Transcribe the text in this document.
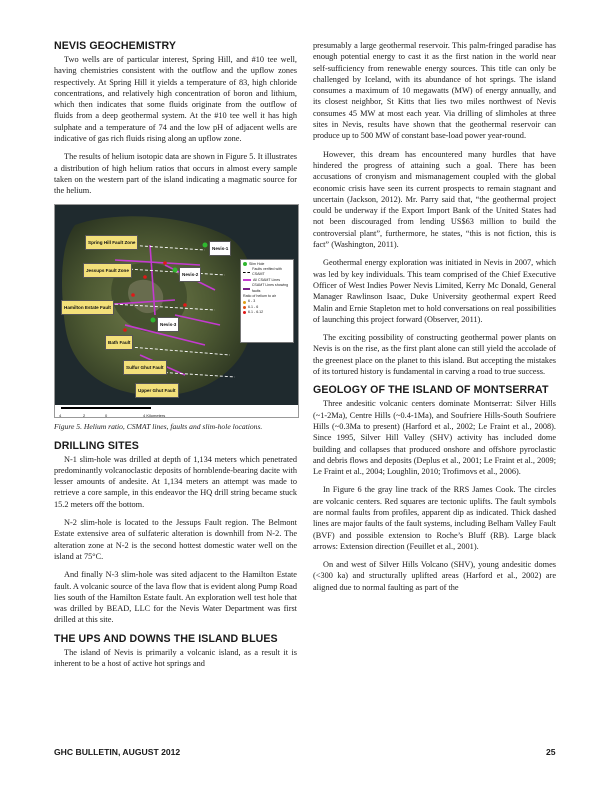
NEVIS GEOCHEMISTRY

Two wells are of particular interest, Spring Hill, and #10 tee well, having chemistries consistent with the outflow and the upflow zones respectively. At Spring Hill it yields a temperature of 83, high chloride concentrations, and relatively high concentration of boron and lithium, which then indicates that some fluids originate from the outflow of fluids from a deep geothermal system. At the #10 tee well it has high sulphate and a temperature of 74 and the low pH of adjacent wells are indicative of gas rich fluids rising along an upflow zone.

The results of helium isotopic data are shown in Figure 5. It illustrates a distribution of high helium ratios that occurs in almost every sample taken on the western part of the island indicating a magmatic source for the helium.

Spring Hill Fault Zone
Jessups Fault Zone
Hamilton Estate Fault
Bath Fault
Sulfur Ghut Fault
Upper Ghut Fault
Nevis-1
Nevis-2
Nevis-3
Slim Hole
Faults verified with CSAMT
All CSAMT Lines
CSAMT Lines showing faults
Ratio of helium to air
6 - 3
6.1 - 6
6.1 - 6.12
4	2	0	4 Kilometers
Figure 5. Helium ratio, CSMAT lines, faults and slim-hole locations.
DRILLING SITES

N-1 slim-hole was drilled at depth of 1,134 meters which penetrated predominantly volcanoclastic deposits of hornblende-bearing dacite with lesser amounts of andesite. At 1,134 meters an attempt was made to retrieve a core sample, in this endeavor the HQ drill string became stuck 15.2 meters off the bottom.

N-2 slim-hole is located to the Jessups Fault region. The Belmont Estate extensive area of sulfateric alteration is downhill from N-2. The alteration zone at N-2 is the second hottest domestic water well on the island at 75°C.

And finally N-3 slim-hole was sited adjacent to the Hamilton Estate fault. A volcanic source of the lava flow that is evident along Pump Road lies south of the Hamilton Estate fault. An exploration well test hole that was drilled by BEAD, LLC for the Nevis Water Department was first drilled at this site.

THE UPS AND DOWNS THE ISLAND BLUES

The island of Nevis is primarily a volcanic island, as a result it is inherent to be a host of active hot springs and

presumably a large geothermal reservoir. This palm-fringed paradise has enough potential energy to cast it as the first nation in the world near self-sufficiency from renewable energy sources. This title can only be challenged by Iceland, with its abundance of hot springs. The island consumes a maximum of 10 megawatts (MW) of energy annually, and its closest neighbor, St Kitts that lies two miles northwest of Nevis consumes 45 MW at most each year. Via drilling of slimholes at three sites in Nevis, results have shown that the geothermal reservoir can produce up to 500 MW of constant base-load power year-round.

However, this dream has encountered many hurdles that have hindered the progress of attaining such a goal. There has been accusations of cronyism and mismanagement coupled with the global economic crisis have seen its current prospects to remain stagnant and uncertain (Jackson, 2012). Mr. Parry said that, “the geothermal project could be underway if the Export Import Bank of the United States had not been discouraged from lending US$63 million to build the controversial plant”, furthermore, he states, “this is not fiction, this is fact” (Washington, 2011).

Geothermal energy exploration was initiated in Nevis in 2007, which was led by key individuals. This team comprised of the Chief Executive Officer of West Indies Power Nevis Limited, Kerry Mc Donald, General Manager Rawlinson Isaac, Duke University geothermal expert Reed Malin and Ernie Stapleton met to hold conversations on real possibilities of launching this project forward (Observer, 2011).

The exciting possibility of constructing geothermal power plants on Nevis is on the rise, as the first plant alone can still yield the accolade of the greenest place on the planet to this island. But accepting the mistakes of its tortured history is fundamental in carving a road to true success.

GEOLOGY OF THE ISLAND OF MONTSERRAT

Three andesitic volcanic centers dominate Montserrat: Silver Hills (~1-2Ma), Centre Hills (~0.4-1Ma), and Soufriere Hills-South Soufriere Hills (~0.3Ma to present) (Harford et al., 2002; Le Fraint et al., 2008). Since 1995, Silver Hill Valley (SHV) activity has included dome building and collapses that produced onshore and offshore pyroclastic and debris flows and deposits (Deplus et al., 2001; Le Fraint et al., 2009; Le Fraint et al., 2004; Loughlin, 2010; Trofimovs et al., 2006).

In Figure 6 the gray line track of the RRS James Cook. The circles are volcanic centers. Red squares are tectonic uplifts. The fault symbols are normal faults from profiles, apparent dip as indicated. Thick dashed lines are major faults of the fault systems, including Belham Valley Fault (BVF) and possible extension to Roche’s Bluff (RB). Large black arrows: Extension direction (Feuillet et al., 2001).

On and west of Silver Hills Volcano (SHV), young andesitic domes (<300 ka) and structurally uplifted areas (Harford et al., 2002) are aligned due to normal faulting as part of the

GHC BULLETIN, AUGUST 2012	25
